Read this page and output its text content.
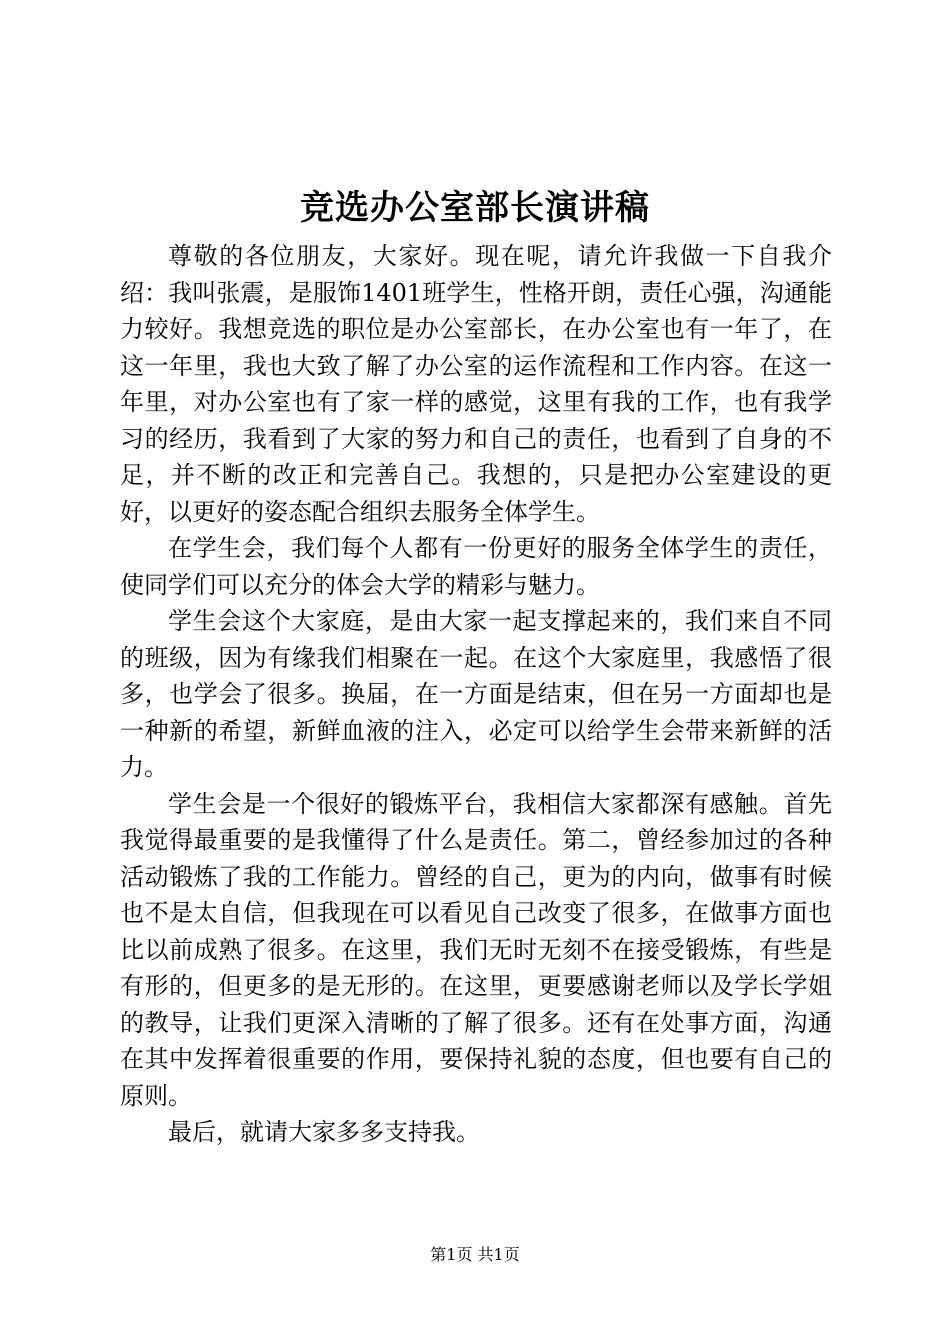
竞选办公室部长演讲稿

尊敬的各位朋友，大家好。现在呢，请允许我做一下自我介绍：我叫张震，是服饰1401班学生，性格开朗，责任心强，沟通能力较好。我想竞选的职位是办公室部长，在办公室也有一年了，在这一年里，我也大致了解了办公室的运作流程和工作内容。在这一年里，对办公室也有了家一样的感觉，这里有我的工作，也有我学习的经历，我看到了大家的努力和自己的责任，也看到了自身的不足，并不断的改正和完善自己。我想的，只是把办公室建设的更好，以更好的姿态配合组织去服务全体学生。

在学生会，我们每个人都有一份更好的服务全体学生的责任，使同学们可以充分的体会大学的精彩与魅力。

学生会这个大家庭，是由大家一起支撑起来的，我们来自不同的班级，因为有缘我们相聚在一起。在这个大家庭里，我感悟了很多，也学会了很多。换届，在一方面是结束，但在另一方面却也是一种新的希望，新鲜血液的注入，必定可以给学生会带来新鲜的活力。

学生会是一个很好的锻炼平台，我相信大家都深有感触。首先我觉得最重要的是我懂得了什么是责任。第二，曾经参加过的各种活动锻炼了我的工作能力。曾经的自己，更为的内向，做事有时候也不是太自信，但我现在可以看见自己改变了很多，在做事方面也比以前成熟了很多。在这里，我们无时无刻不在接受锻炼，有些是有形的，但更多的是无形的。在这里，更要感谢老师以及学长学姐的教导，让我们更深入清晰的了解了很多。还有在处事方面，沟通在其中发挥着很重要的作用，要保持礼貌的态度，但也要有自己的原则。

最后，就请大家多多支持我。

第1页 共1页
